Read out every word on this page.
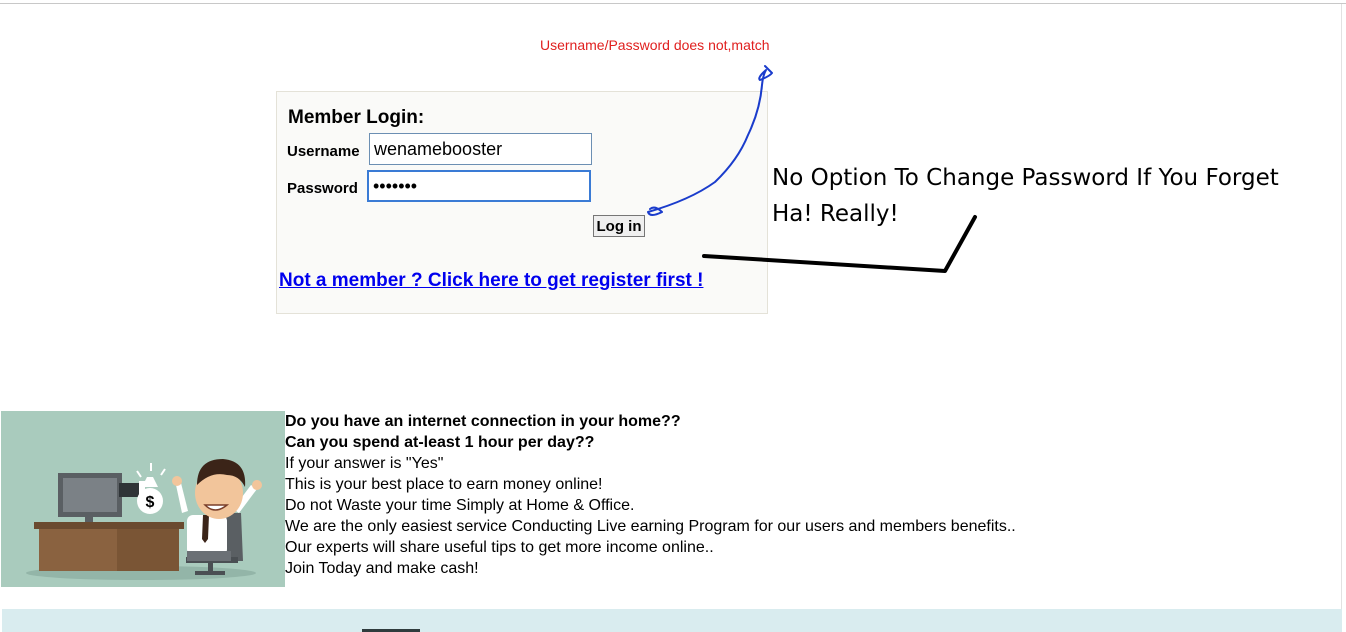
Username/Password does not,match
Member Login:
Username
wenamebooster
Password
•••••••
Log in
Not a member ? Click here to get register first !
No Option To Change Password If You Forget
Ha! Really!
$
Do you have an internet connection in your home??
Can you spend at-least 1 hour per day??
If your answer is "Yes"
This is your best place to earn money online!
Do not Waste your time Simply at Home & Office.
We are the only easiest service Conducting Live earning Program for our users and members benefits..
Our experts will share useful tips to get more income online..
Join Today and make cash!
